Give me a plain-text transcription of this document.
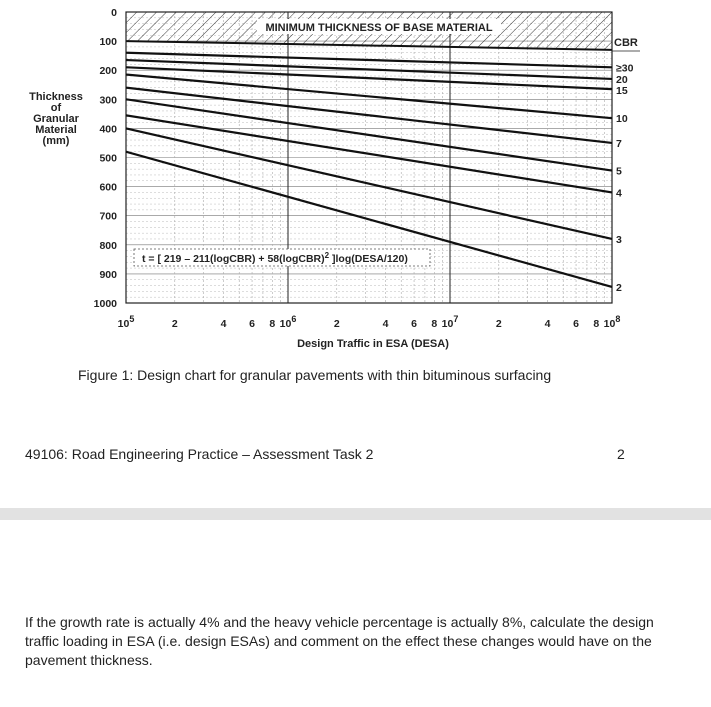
≥30
20
15
10
7
5
4
3
2
CBR
MINIMUM THICKNESS OF BASE MATERIAL
0
100
200
300
400
500
600
700
800
900
1000
Thickness
of
Granular
Material
(mm)
105	2	4 6 8 106	2	4 6 8 107	2	4 6 8 108
Design Traffic in ESA (DESA)
t = [ 219 – 211(logCBR) + 58(logCBR)$^2$ ]log(DESA/120)
Figure 1: Design chart for granular pavements with thin bituminous surfacing
49106: Road Engineering Practice – Assessment Task 2	2
If the growth rate is actually 4% and the heavy vehicle percentage is actually 8%, calculate the design traffic loading in ESA (i.e. design ESAs) and comment on the effect these changes would have on the pavement thickness.
